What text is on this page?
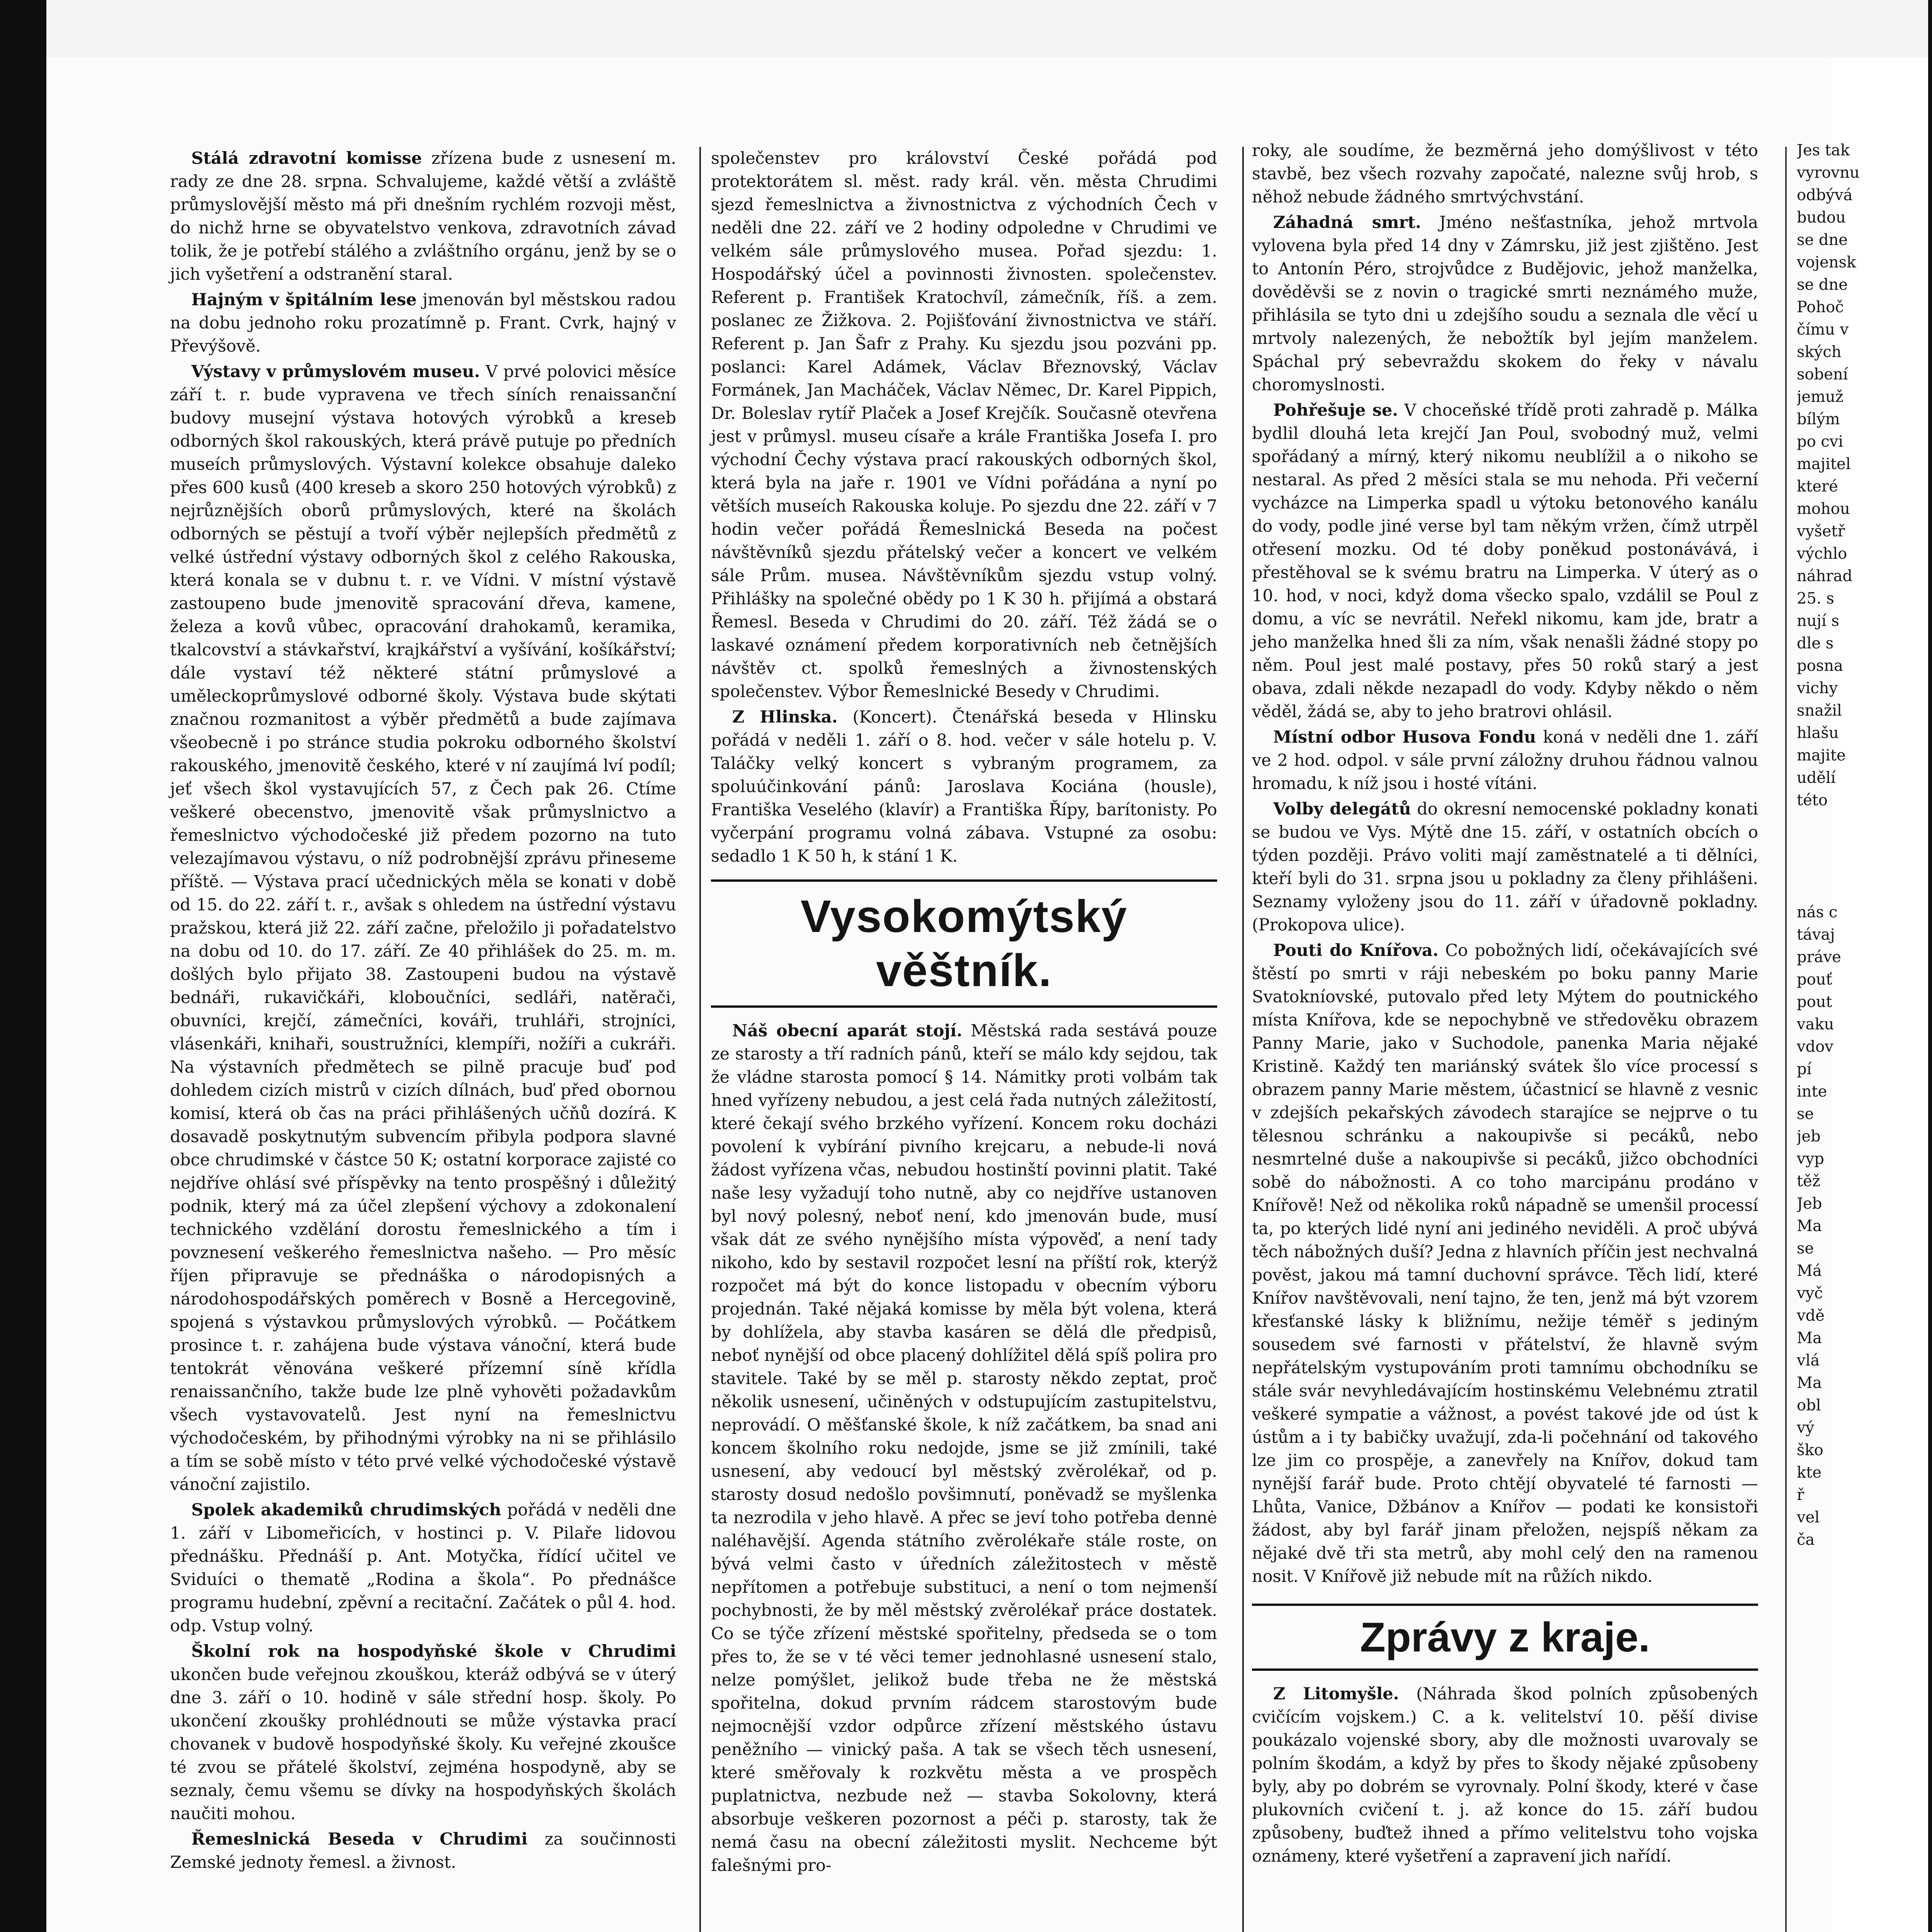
Stálá zdravotní komisse zřízena bude z usnesení m. rady ze dne 28. srpna. Schvalujeme, každé větší a zvláště průmyslovější město má při dnešním rychlém rozvoji měst, do nichž hrne se obyvatelstvo venkova, zdravotních závad tolik, že je potřebí stálého a zvláštního orgánu, jenž by se o jich vyšetření a odstranění staral.

Hajným v špitálním lese jmenován byl městskou radou na dobu jednoho roku prozatímně p. Frant. Cvrk, hajný v Převýšově.

Výstavy v průmyslovém museu. V prvé polovici měsíce září t. r. bude vypravena ve třech síních renaissanční budovy musejní výstava hotových výrobků a kreseb odborných škol rakouských, která právě putuje po předních museích průmyslových. Výstavní kolekce obsahuje daleko přes 600 kusů (400 kreseb a skoro 250 hotových výrobků) z nejrůznějších oborů průmyslových, které na školách odborných se pěstují a tvoří výběr nejlepších předmětů z velké ústřední výstavy odborných škol z celého Rakouska, která konala se v dubnu t. r. ve Vídni. V místní výstavě zastoupeno bude jmenovitě spracování dřeva, kamene, železa a kovů vůbec, opracování drahokamů, keramika, tkalcovství a stávkařství, krajkářství a vyšívání, košíkářství; dále vystaví též některé státní průmyslové a uměleckoprůmyslové odborné školy. Výstava bude skýtati značnou rozmanitost a výběr předmětů a bude zajímava všeobecně i po stránce studia pokroku odborného školství rakouského, jmenovitě českého, které v ní zaujímá lví podíl; jeť všech škol vystavujících 57, z Čech pak 26. Ctíme veškeré obecenstvo, jmenovitě však průmyslnictvo a řemeslnictvo východočeské již předem pozorno na tuto velezajímavou výstavu, o níž podrobnější zprávu přineseme příště. — Výstava prací učednických měla se konati v době od 15. do 22. září t. r., avšak s ohledem na ústřední výstavu pražskou, která již 22. září začne, přeložilo ji pořadatelstvo na dobu od 10. do 17. září. Ze 40 přihlášek do 25. m. m. došlých bylo přijato 38. Zastoupeni budou na výstavě bednáři, rukavičkáři, kloboučníci, sedláři, natěrači, obuvníci, krejčí, zámečníci, kováři, truhláři, strojníci, vlásenkáři, knihaři, soustružníci, klempíři, nožíři a cukráři. Na výstavních předmětech se pilně pracuje buď pod dohledem cizích mistrů v cizích dílnách, buď před obornou komisí, která ob čas na práci přihlášených učňů dozírá. K dosavadě poskytnutým subvencím přibyla podpora slavné obce chrudimské v částce 50 K; ostatní korporace zajisté co nejdříve ohlásí své příspěvky na tento prospěšný i důležitý podnik, který má za účel zlepšení výchovy a zdokonalení technického vzdělání dorostu řemeslnického a tím i povznesení veškerého řemeslnictva našeho. — Pro měsíc říjen připravuje se přednáška o národopisných a národohospodářských poměrech v Bosně a Hercegovině, spojená s výstavkou průmyslových výrobků. — Počátkem prosince t. r. zahájena bude výstava vánoční, která bude tentokrát věnována veškeré přízemní síně křídla renaissančního, takže bude lze plně vyhověti požadavkům všech vystavovatelů. Jest nyní na řemeslnictvu východočeském, by přihodnými výrobky na ni se přihlásilo a tím se sobě místo v této prvé velké východočeské výstavě vánoční zajistilo.

Spolek akademiků chrudimských pořádá v neděli dne 1. září v Libomeřicích, v hostinci p. V. Pilaře lidovou přednášku. Přednáší p. Ant. Motyčka, řídící učitel ve Sviduíci o thematě „Rodina a škola“. Po přednášce programu hudební, zpěvní a recitační. Začátek o půl 4. hod. odp. Vstup volný.

Školní rok na hospodyňské škole v Chrudimi ukončen bude veřejnou zkouškou, kteráž odbývá se v úterý dne 3. září o 10. hodině v sále střední hosp. školy. Po ukončení zkoušky prohlédnouti se může výstavka prací chovanek v budově hospodyňské školy. Ku veřejné zkoušce té zvou se přátelé školství, zejména hospodyně, aby se seznaly, čemu všemu se dívky na hospodyňských školách naučiti mohou.

Řemeslnická Beseda v Chrudimi za součinnosti Zemské jednoty řemesl. a živnost.

společenstev pro království České pořádá pod protektorátem sl. měst. rady král. věn. města Chrudimi sjezd řemeslnictva a živnostnictva z východních Čech v neděli dne 22. září ve 2 hodiny odpoledne v Chrudimi ve velkém sále průmyslového musea. Pořad sjezdu: 1. Hospodářský účel a povinnosti živnosten. společenstev. Referent p. František Kratochvíl, zámečník, říš. a zem. poslanec ze Žižkova. 2. Pojišťování živnostnictva ve stáří. Referent p. Jan Šafr z Prahy. Ku sjezdu jsou pozváni pp. poslanci: Karel Adámek, Václav Březnovský, Václav Formánek, Jan Macháček, Václav Němec, Dr. Karel Pippich, Dr. Boleslav rytíř Plaček a Josef Krejčík. Současně otevřena jest v průmysl. museu císaře a krále Františka Josefa I. pro východní Čechy výstava prací rakouských odborných škol, která byla na jaře r. 1901 ve Vídni pořádána a nyní po větších museích Rakouska koluje. Po sjezdu dne 22. září v 7 hodin večer pořádá Řemeslnická Beseda na počest návštěvníků sjezdu přátelský večer a koncert ve velkém sále Prům. musea. Návštěvníkům sjezdu vstup volný. Přihlášky na společné obědy po 1 K 30 h. přijímá a obstará Řemesl. Beseda v Chrudimi do 20. září. Též žádá se o laskavé oznámení předem korporativních neb četnějších návštěv ct. spolků řemeslných a živnostenských společenstev. Výbor Řemeslnické Besedy v Chrudimi.

Z Hlinska. (Koncert). Čtenářská beseda v Hlinsku pořádá v neděli 1. září o 8. hod. večer v sále hotelu p. V. Taláčky velký koncert s vybraným programem, za spoluúčinkování pánů: Jaroslava Kociána (housle), Františka Veselého (klavír) a Františka Řípy, barítonisty. Po vyčerpání programu volná zábava. Vstupné za osobu: sedadlo 1 K 50 h, k stání 1 K.

Vysokomýtský věštník.

Náš obecní aparát stojí. Městská rada sestává pouze ze starosty a tří radních pánů, kteří se málo kdy sejdou, tak že vládne starosta pomocí § 14. Námitky proti volbám tak hned vyřízeny nebudou, a jest celá řada nutných záležitostí, které čekají svého brzkého vyřízení. Koncem roku docházi povolení k vybírání pivního krejcaru, a nebude-li nová žádost vyřízena včas, nebudou hostinští povinni platit. Také naše lesy vyžadují toho nutně, aby co nejdříve ustanoven byl nový polesný, neboť není, kdo jmenován bude, musí však dát ze svého nynějšího místa výpověď, a není tady nikoho, kdo by sestavil rozpočet lesní na příští rok, kterýž rozpočet má být do konce listopadu v obecním výboru projednán. Také nějaká komisse by měla být volena, která by dohlížela, aby stavba kasáren se dělá dle předpisů, neboť nynější od obce placený dohlížitel dělá spíš polira pro stavitele. Také by se měl p. starosty někdo zeptat, proč několik usnesení, učiněných v odstupujícím zastupitelstvu, neprovádí. O měšťanské škole, k níž začátkem, ba snad ani koncem školního roku nedojde, jsme se již zmínili, také usnesení, aby vedoucí byl městský zvěrolékař, od p. starosty dosud nedošlo povšimnutí, poněvadž se myšlenka ta nezrodila v jeho hlavě. A přec se jeví toho potřeba dennė naléhavější. Agenda státního zvěrolékaře stále roste, on bývá velmi často v úředních záležitostech v městě nepřítomen a potřebuje substituci, a není o tom nejmenší pochybnosti, že by měl městský zvěrolékař práce dostatek. Co se týče zřízení městské spořitelny, předseda se o tom přes to, že se v té věci temer jednohlasné usnesení stalo, nelze pomýšlet, jelikož bude třeba ne že městská spořitelna, dokud prvním rádcem starostovým bude nejmocnější vzdor odpůrce zřízení městského ústavu peněžního — vinický paša. A tak se všech těch usnesení, které směřovaly k rozkvětu města a ve prospěch puplatnictva, nezbude než — stavba Sokolovny, která absorbuje veškeren pozornost a péči p. starosty, tak že nemá času na obecní záležitosti myslit. Nechceme být falešnými pro-

roky, ale soudíme, že bezměrná jeho domýšlivost v této stavbě, bez všech rozvahy započaté, nalezne svůj hrob, s něhož nebude žádného smrtvýchvstání.

Záhadná smrt. Jméno nešťastníka, jehož mrtvola vylovena byla před 14 dny v Zámrsku, již jest zjištěno. Jest to Antonín Péro, strojvůdce z Budějovic, jehož manželka, dověděvši se z novin o tragické smrti neznámého muže, přihlásila se tyto dni u zdejšího soudu a seznala dle věcí u mrtvoly nalezených, že nebožtík byl jejím manželem. Spáchal prý sebevraždu skokem do řeky v návalu choromyslnosti.

Pohřešuje se. V choceňské třídě proti zahradě p. Málka bydlil dlouhá leta krejčí Jan Poul, svobodný muž, velmi spořádaný a mírný, který nikomu neublížil a o nikoho se nestaral. As před 2 měsíci stala se mu nehoda. Při večerní vycházce na Limperka spadl u výtoku betonového kanálu do vody, podle jiné verse byl tam někým vržen, čímž utrpěl otřesení mozku. Od té doby poněkud postonávává, i přestěhoval se k svému bratru na Limperka. V úterý as o 10. hod, v noci, když doma všecko spalo, vzdálil se Poul z domu, a víc se nevrátil. Neřekl nikomu, kam jde, bratr a jeho manželka hned šli za ním, však nenašli žádné stopy po něm. Poul jest malé postavy, přes 50 roků starý a jest obava, zdali někde nezapadl do vody. Kdyby někdo o něm věděl, žádá se, aby to jeho bratrovi ohlásil.

Místní odbor Husova Fondu koná v neděli dne 1. září ve 2 hod. odpol. v sále první záložny druhou řádnou valnou hromadu, k níž jsou i hosté vítáni.

Volby delegátů do okresní nemocenské pokladny konati se budou ve Vys. Mýtě dne 15. září, v ostatních obcích o týden později. Právo voliti mají zaměstnatelé a ti dělníci, kteří byli do 31. srpna jsou u pokladny za členy přihlášeni. Seznamy vyloženy jsou do 11. září v úřadovně pokladny. (Prokopova ulice).

Pouti do Knířova. Co pobožných lidí, očekávajících své štěstí po smrti v ráji nebeském po boku panny Marie Svatokníovské, putovalo před lety Mýtem do poutnického místa Knířova, kde se nepochybně ve středověku obrazem Panny Marie, jako v Suchodole, panenka Maria nějaké Kristině. Každý ten mariánský svátek šlo více processí s obrazem panny Marie městem, účastnicí se hlavně z vesnic v zdejších pekařských závodech starajíce se nejprve o tu tělesnou schránku a nakoupivše si pecáků, nebo nesmrtelné duše a nakoupivše si pecáků, jižco obchodníci sobě do nábožnosti. A co toho marcipánu prodáno v Knířově! Než od několika roků nápadně se umenšil processí ta, po kterých lidé nyní ani jediného neviděli. A proč ubývá těch nábožných duší? Jedna z hlavních příčin jest nechvalná pověst, jakou má tamní duchovní správce. Těch lidí, které Knířov navštěvovali, není tajno, že ten, jenž má být vzorem křesťanské lásky k bližnímu, nežije téměř s jediným sousedem své farnosti v přátelství, že hlavně svým nepřátelským vystupováním proti tamnímu obchodníku se stále svár nevyhledávajícím hostinskému Velebnému ztratil veškeré sympatie a vážnost, a povést takové jde od úst k ústům a i ty babičky uvažují, zda-li počehnání od takového lze jim co prospěje, a zanevřely na Knířov, dokud tam nynější farář bude. Proto chtějí obyvatelé té farnosti — Lhůta, Vanice, Džbánov a Knířov — podati ke konsistoři žádost, aby byl farář jinam přeložen, nejspíš někam za nějaké dvě tři sta metrů, aby mohl celý den na ramenou nosit. V Knířově již nebude mít na růžích nikdo.

Zprávy z kraje.

Z Litomyšle. (Náhrada škod polních způsobených cvičícím vojskem.) C. a k. velitelství 10. pěší divise poukázalo vojenské sbory, aby dle možnosti uvarovaly se polním škodám, a když by přes to škody nějaké způsobeny byly, aby po dobrém se vyrovnaly. Polní škody, které v čase plukovních cvičení t. j. až konce do 15. září budou způsobeny, buďtež ihned a přímo velitelstvu toho vojska oznámeny, které vyšetření a zapravení jich nařídí.

Jes tak

vyrovnu

odbývá

budou

se dne

vojensk

se dne

Pohoč

čímu v

ských

sobení

jemuž

bílým

po cvi

majitel

které

mohou

vyšetř

výchlo

náhrad

25. s

nují s

dle s

posna

vichy

snažil

hlašu

majite

udělí

této

nás c

távaj

práve

pouť

pout

vaku

vdov

pí

inte

se

jeb

vyp

těž

Jeb

Ma

se

Má

vyč

vdě

Ma

vlá

Ma

obl

vý

ško

kte

ř

vel

ča
